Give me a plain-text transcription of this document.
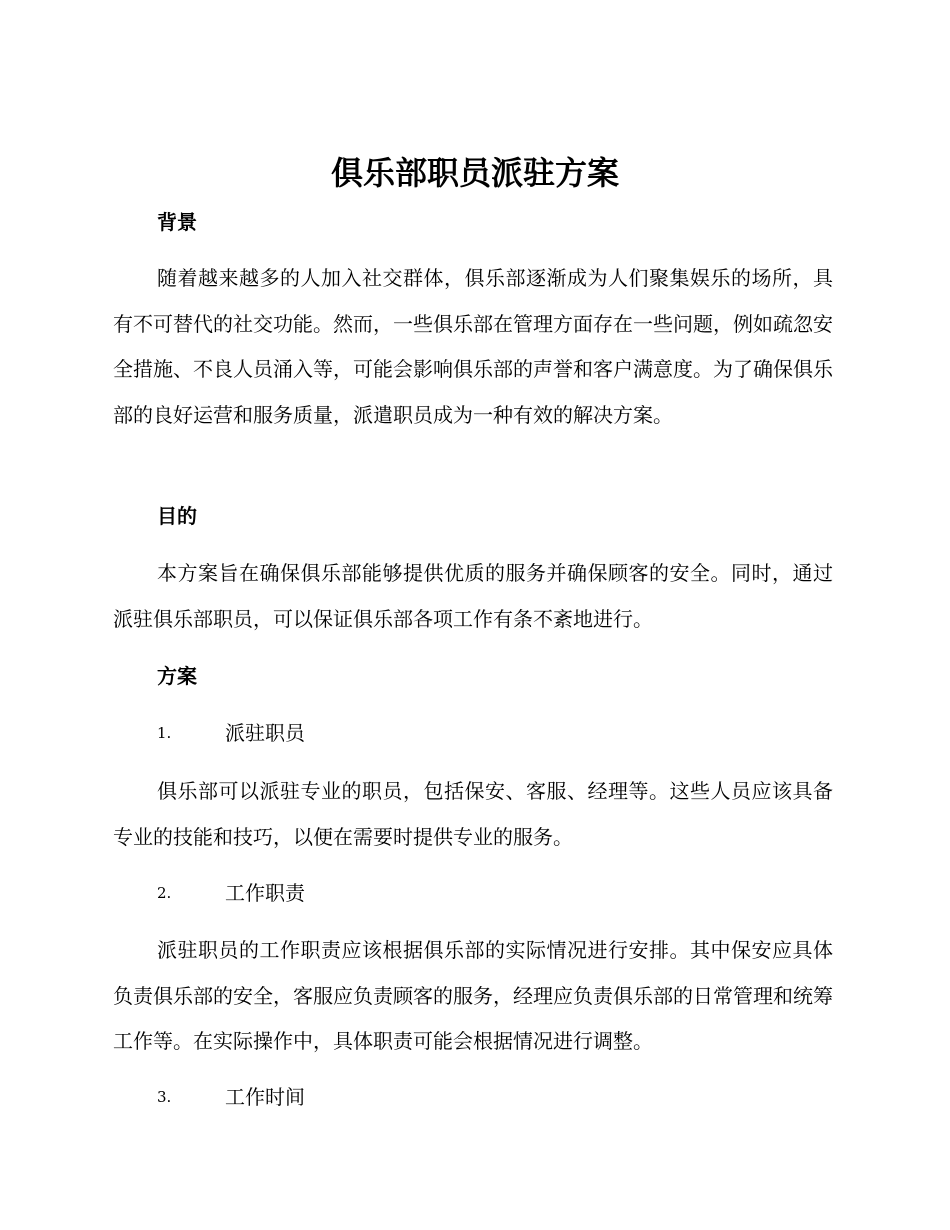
俱乐部职员派驻方案
背景

随着越来越多的人加入社交群体，俱乐部逐渐成为人们聚集娱乐的场所，具有不可替代的社交功能。然而，一些俱乐部在管理方面存在一些问题，例如疏忽安全措施、不良人员涌入等，可能会影响俱乐部的声誉和客户满意度。为了确保俱乐部的良好运营和服务质量，派遣职员成为一种有效的解决方案。

目的

本方案旨在确保俱乐部能够提供优质的服务并确保顾客的安全。同时，通过派驻俱乐部职员，可以保证俱乐部各项工作有条不紊地进行。

方案
1.	派驻职员

俱乐部可以派驻专业的职员，包括保安、客服、经理等。这些人员应该具备专业的技能和技巧，以便在需要时提供专业的服务。

2.	工作职责

派驻职员的工作职责应该根据俱乐部的实际情况进行安排。其中保安应具体负责俱乐部的安全，客服应负责顾客的服务，经理应负责俱乐部的日常管理和统筹工作等。在实际操作中，具体职责可能会根据情况进行调整。

3.	工作时间
